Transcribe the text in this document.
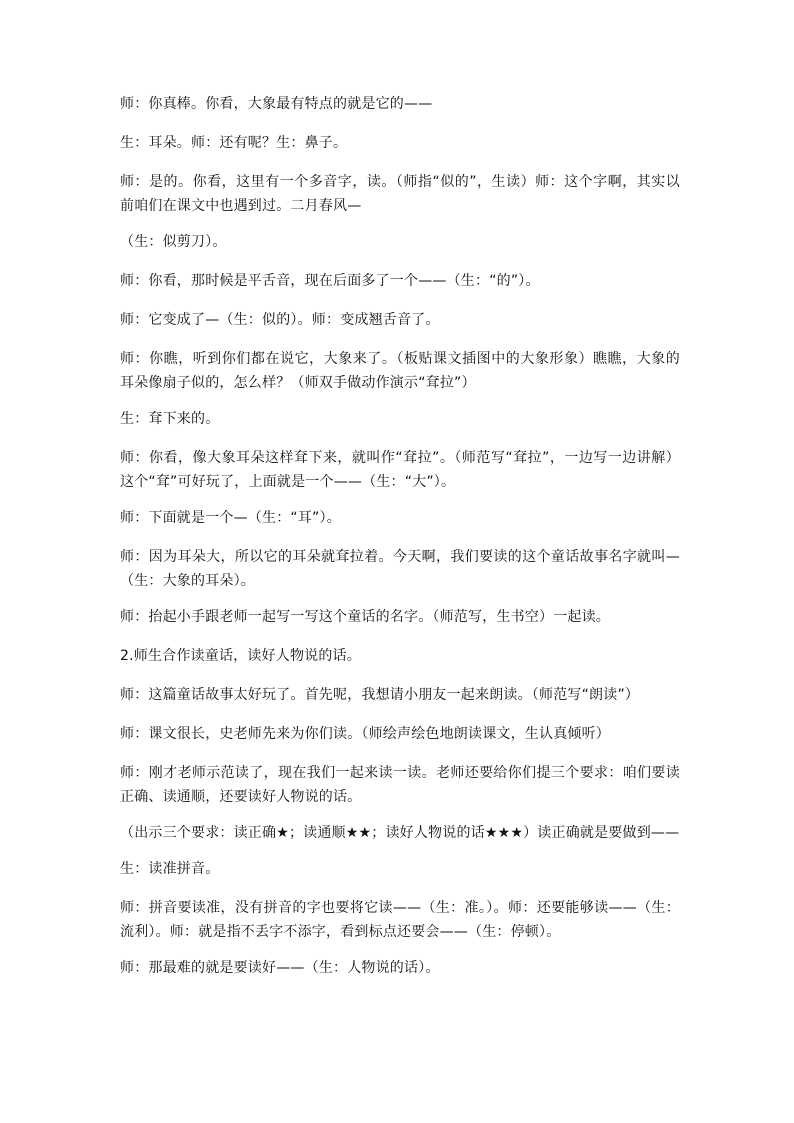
师：你真棒。你看，大象最有特点的就是它的——

生：耳朵。师：还有呢？生：鼻子。

师：是的。你看，这里有一个多音字，读。（师指“似的”，生读）师：这个字啊，其实以前咱们在课文中也遇到过。二月春风—

（生：似剪刀）。

师：你看，那时候是平舌音，现在后面多了一个——（生：“的”）。

师：它变成了—（生：似的）。师：变成翘舌音了。

师：你瞧，听到你们都在说它，大象来了。（板贴课文插图中的大象形象）瞧瞧，大象的耳朵像扇子似的，怎么样？（师双手做动作演示“耷拉”）

生：耷下来的。

师：你看，像大象耳朵这样耷下来，就叫作“耷拉”。（师范写“耷拉”，一边写一边讲解）这个“耷”可好玩了，上面就是一个——（生：“大”）。

师：下面就是一个—（生：“耳”）。

师：因为耳朵大，所以它的耳朵就耷拉着。今天啊，我们要读的这个童话故事名字就叫—（生：大象的耳朵）。

师：抬起小手跟老师一起写一写这个童话的名字。（师范写，生书空）一起读。

2.师生合作读童话，读好人物说的话。

师：这篇童话故事太好玩了。首先呢，我想请小朋友一起来朗读。（师范写“朗读”）

师：课文很长，史老师先来为你们读。（师绘声绘色地朗读课文，生认真倾听）

师：刚才老师示范读了，现在我们一起来读一读。老师还要给你们提三个要求：咱们要读正确、读通顺，还要读好人物说的话。

（出示三个要求：读正确★；读通顺★★；读好人物说的话★★★）读正确就是要做到——

生：读准拼音。

师：拼音要读准，没有拼音的字也要将它读——（生：准。）。师：还要能够读——（生：流利）。师：就是指不丢字不添字，看到标点还要会——（生：停顿）。

师：那最难的就是要读好——（生：人物说的话）。
